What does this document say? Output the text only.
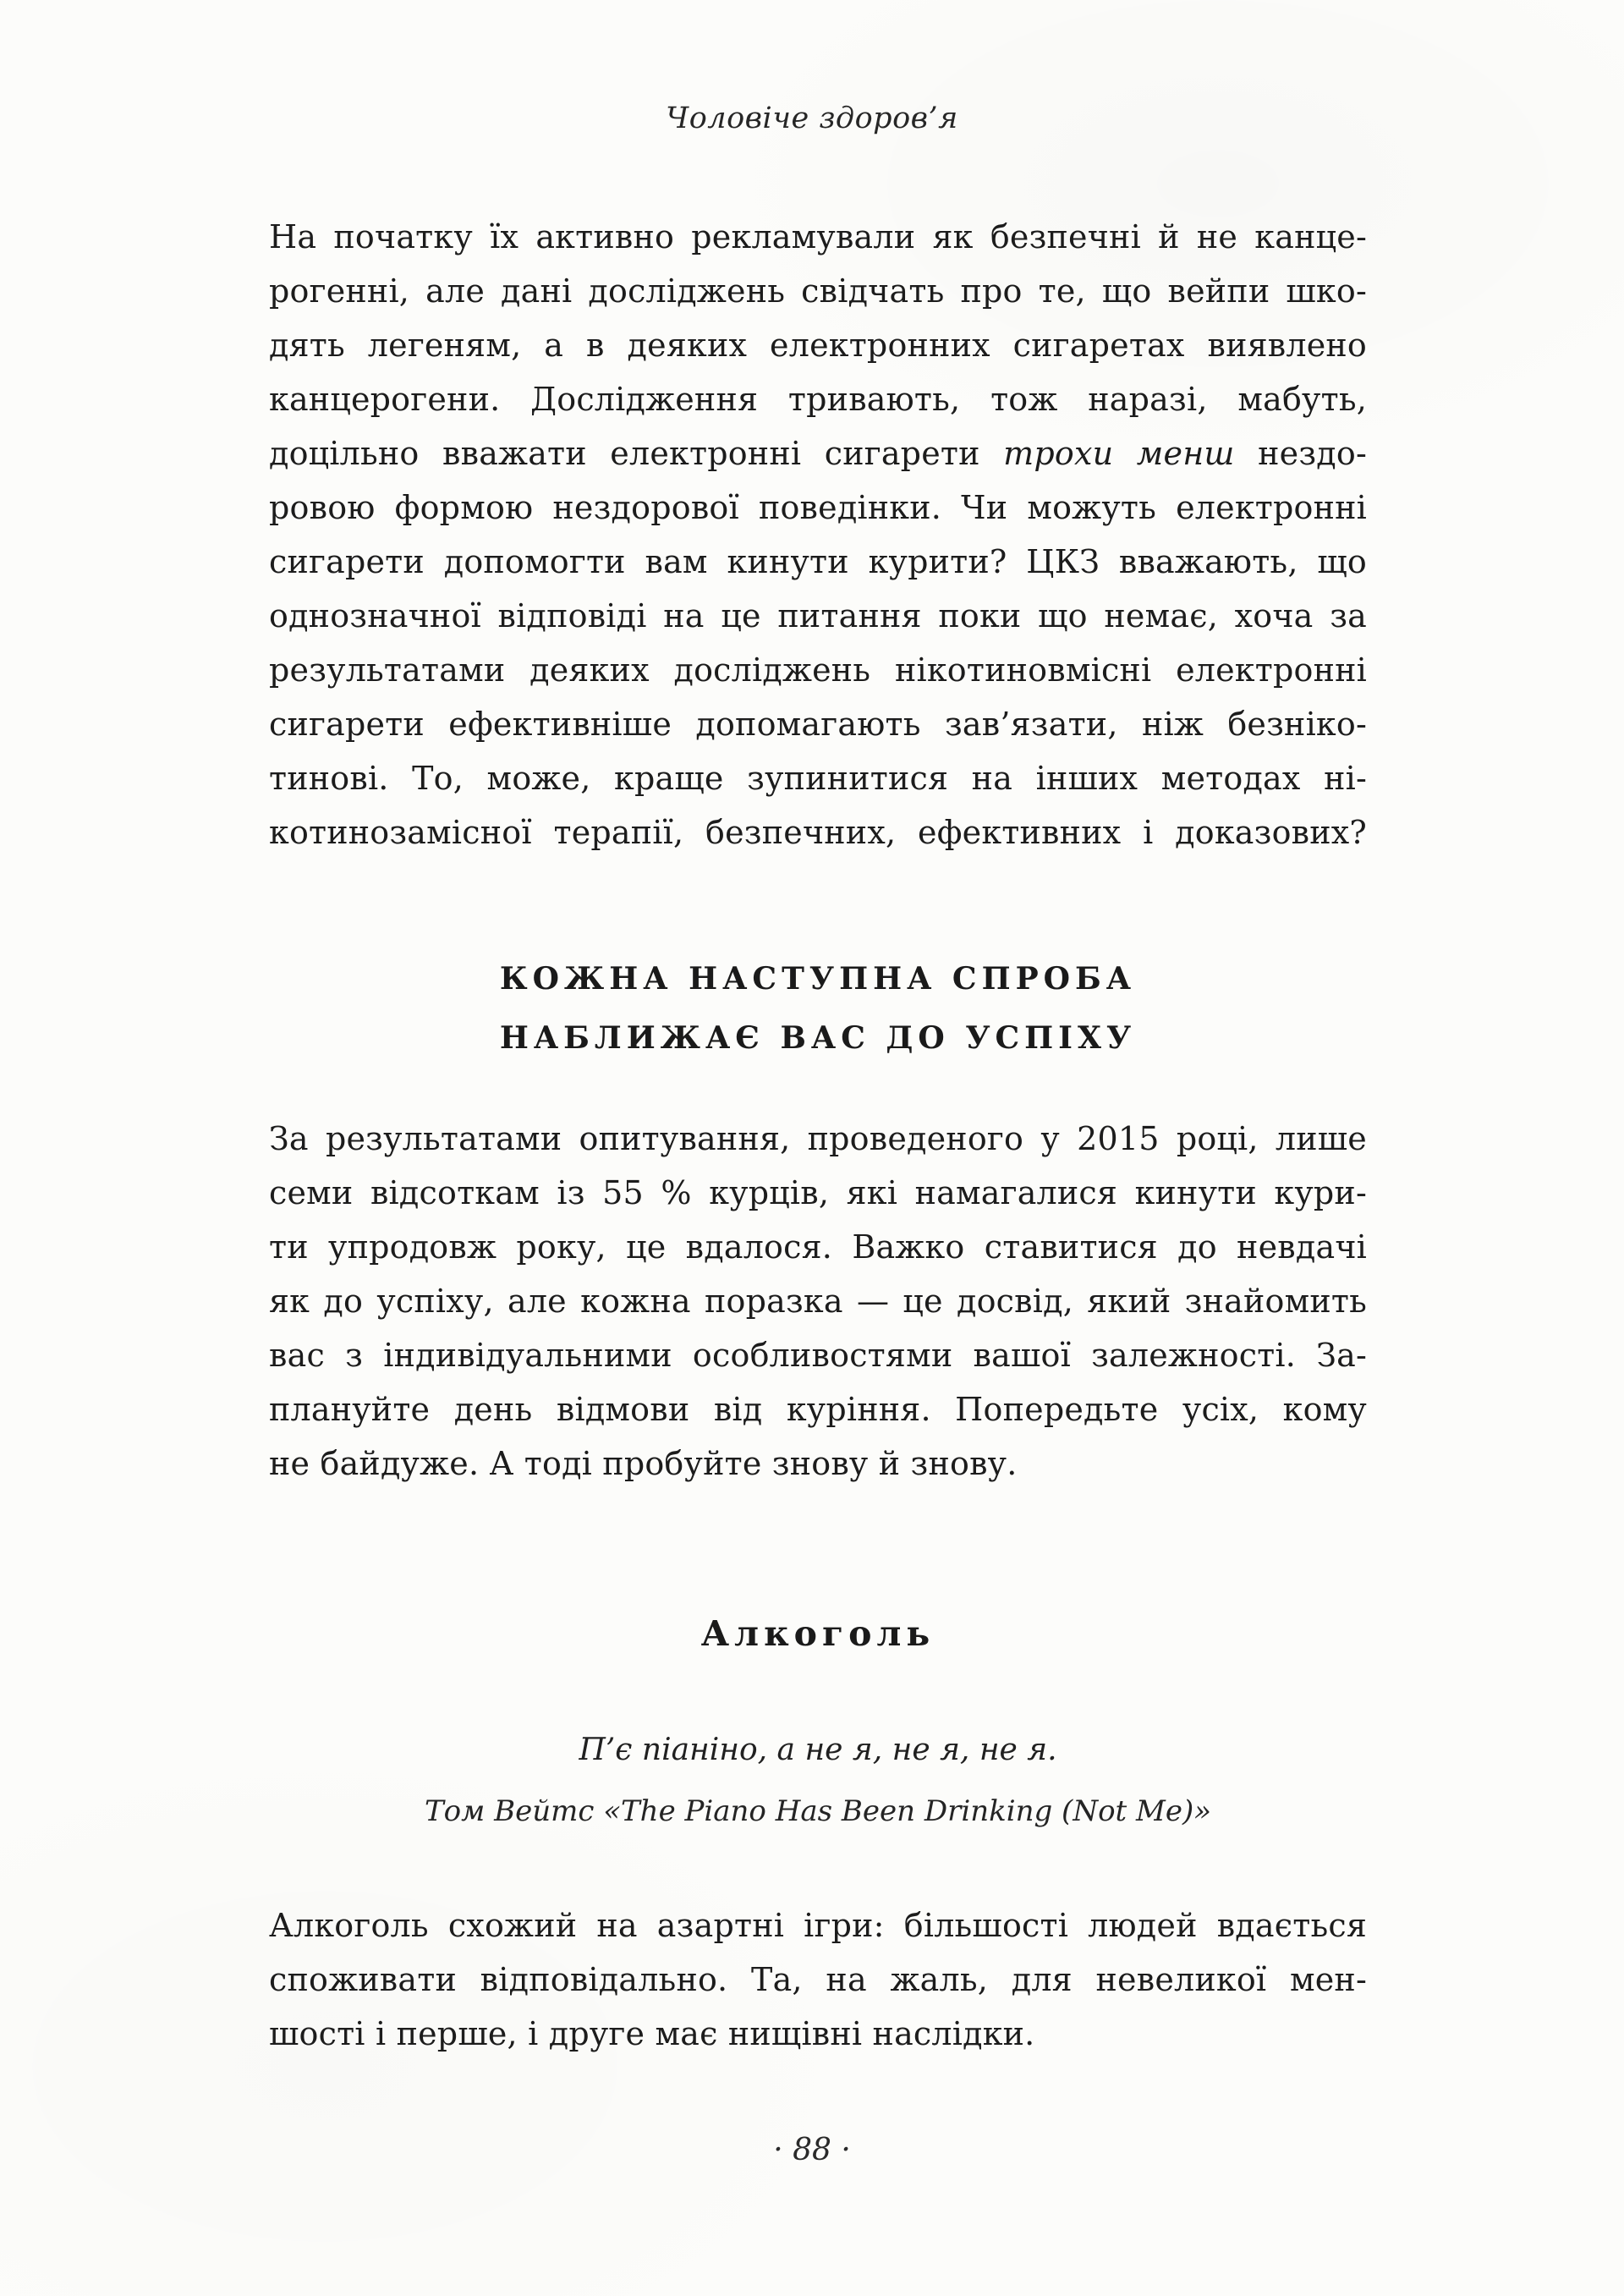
Чоловіче здоров’я
На початку їх активно рекламували як безпечні й не канце-
рогенні, але дані досліджень свідчать про те, що вейпи шко-
дять легеням, а в деяких електронних сигаретах виявлено
канцерогени. Дослідження тривають, тож наразі, мабуть,
доцільно вважати електронні сигарети трохи менш нездо-
ровою формою нездорової поведінки. Чи можуть електронні
сигарети допомогти вам кинути курити? ЦКЗ вважають, що
однозначної відповіді на це питання поки що немає, хоча за
результатами деяких досліджень нікотиновмісні електронні
сигарети ефективніше допомагають зав’язати, ніж безніко-
тинові. То, може, краще зупинитися на інших методах ні-
котинозамісної терапії, безпечних, ефективних і доказових?
КОЖНА НАСТУПНА СПРОБА
НАБЛИЖАЄ ВАС ДО УСПІХУ
За результатами опитування, проведеного у 2015 році, лише
семи відсоткам із 55 % курців, які намагалися кинути кури-
ти упродовж року, це вдалося. Важко ставитися до невдачі
як до успіху, але кожна поразка — це досвід, який знайомить
вас з індивідуальними особливостями вашої залежності. За-
плануйте день відмови від куріння. Попередьте усіх, кому
не байдуже. А тоді пробуйте знову й знову.
Алкоголь
П’є піаніно, а не я, не я, не я.
Том Вейтс «The Piano Has Been Drinking (Not Me)»
Алкоголь схожий на азартні ігри: більшості людей вдається
споживати відповідально. Та, на жаль, для невеликої мен-
шості і перше, і друге має нищівні наслідки.
· 88 ·
